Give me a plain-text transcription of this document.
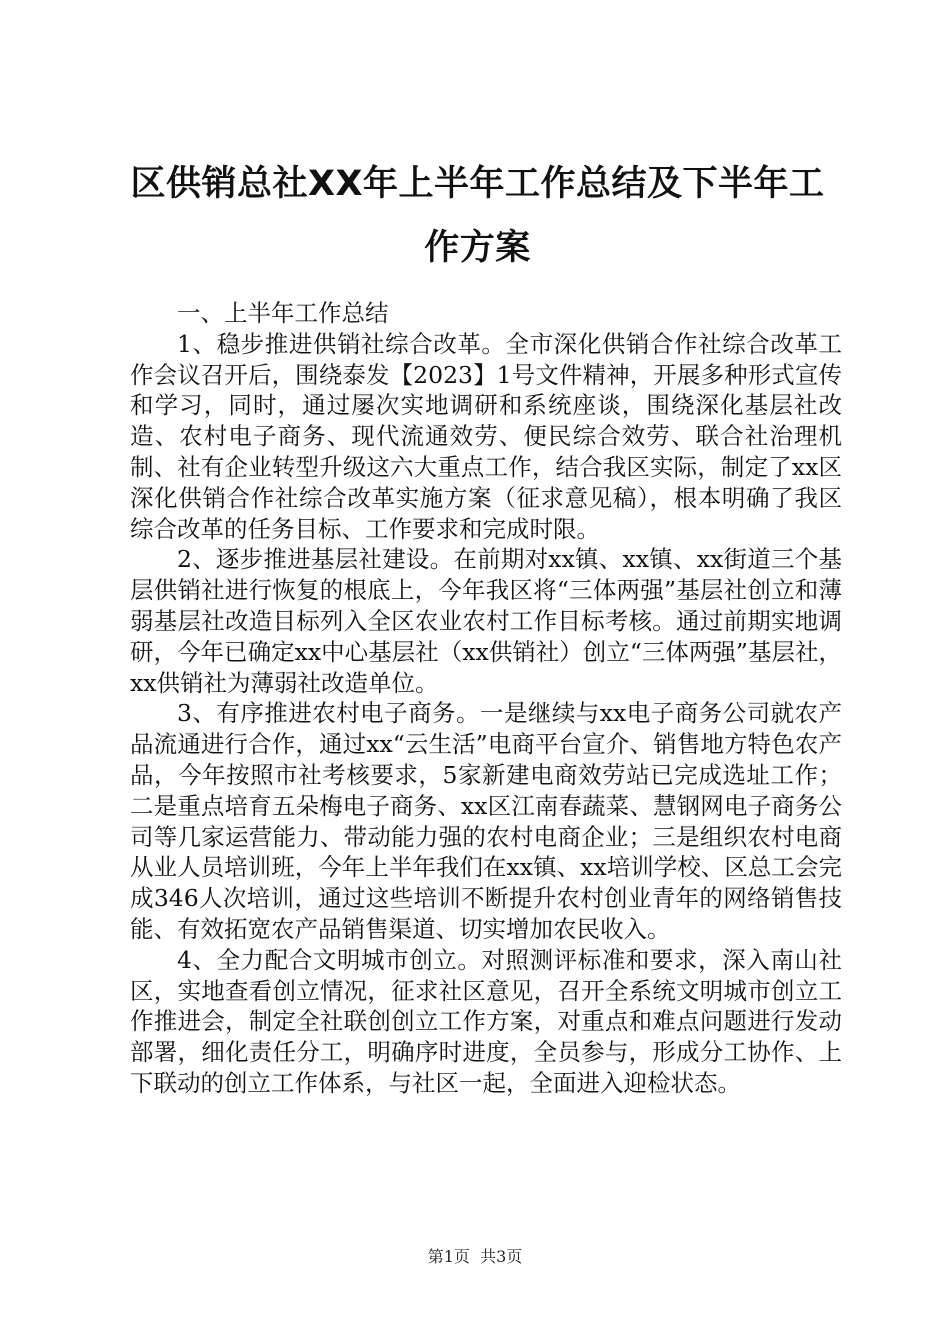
区供销总社XX年上半年工作总结及下半年工作方案

一、上半年工作总结

1、稳步推进供销社综合改革。全市深化供销合作社综合改革工作会议召开后，围绕泰发【2023】1号文件精神，开展多种形式宣传和学习，同时，通过屡次实地调研和系统座谈，围绕深化基层社改造、农村电子商务、现代流通效劳、便民综合效劳、联合社治理机制、社有企业转型升级这六大重点工作，结合我区实际，制定了xx区深化供销合作社综合改革实施方案（征求意见稿），根本明确了我区综合改革的任务目标、工作要求和完成时限。

2、逐步推进基层社建设。在前期对xx镇、xx镇、xx街道三个基层供销社进行恢复的根底上，今年我区将“三体两强”基层社创立和薄弱基层社改造目标列入全区农业农村工作目标考核。通过前期实地调研，今年已确定xx中心基层社（xx供销社）创立“三体两强”基层社，xx供销社为薄弱社改造单位。

3、有序推进农村电子商务。一是继续与xx电子商务公司就农产品流通进行合作，通过xx“云生活”电商平台宣介、销售地方特色农产品，今年按照市社考核要求，5家新建电商效劳站已完成选址工作；二是重点培育五朵梅电子商务、xx区江南春蔬菜、慧钢网电子商务公司等几家运营能力、带动能力强的农村电商企业；三是组织农村电商从业人员培训班，今年上半年我们在xx镇、xx培训学校、区总工会完成346人次培训，通过这些培训不断提升农村创业青年的网络销售技能、有效拓宽农产品销售渠道、切实增加农民收入。

4、全力配合文明城市创立。对照测评标准和要求，深入南山社区，实地查看创立情况，征求社区意见，召开全系统文明城市创立工作推进会，制定全社联创创立工作方案，对重点和难点问题进行发动部署，细化责任分工，明确序时进度，全员参与，形成分工协作、上下联动的创立工作体系，与社区一起，全面进入迎检状态。

第1页 共3页
